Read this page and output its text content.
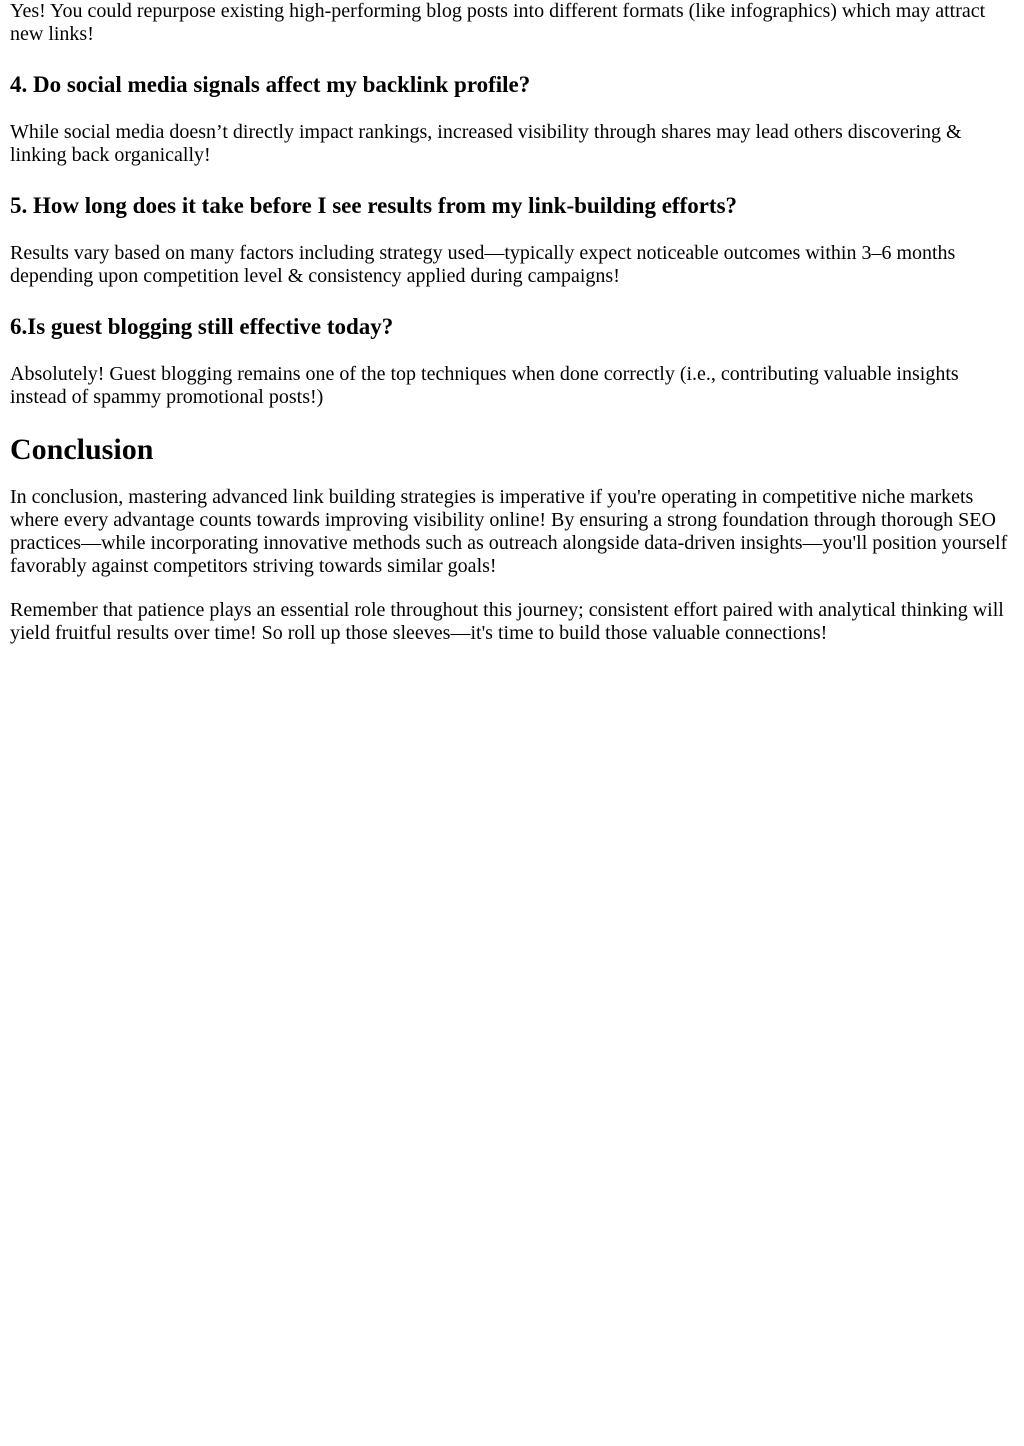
Yes! You could repurpose existing high-performing blog posts into different formats (like infographics) which may attract new links!

4. Do social media signals affect my backlink profile?

While social media doesn’t directly impact rankings, increased visibility through shares may lead others discovering & linking back organically!

5. How long does it take before I see results from my link-building efforts?

Results vary based on many factors including strategy used—typically expect noticeable outcomes within 3–6 months depending upon competition level & consistency applied during campaigns!

6.Is guest blogging still effective today?

Absolutely! Guest blogging remains one of the top techniques when done correctly (i.e., contributing valuable insights instead of spammy promotional posts!)

Conclusion

In conclusion, mastering advanced link building strategies is imperative if you're operating in competitive niche markets where every advantage counts towards improving visibility online! By ensuring a strong foundation through thorough SEO practices—while incorporating innovative methods such as outreach alongside data-driven insights—you'll position yourself favorably against competitors striving towards similar goals!

Remember that patience plays an essential role throughout this journey; consistent effort paired with analytical thinking will yield fruitful results over time! So roll up those sleeves—it's time to build those valuable connections!
